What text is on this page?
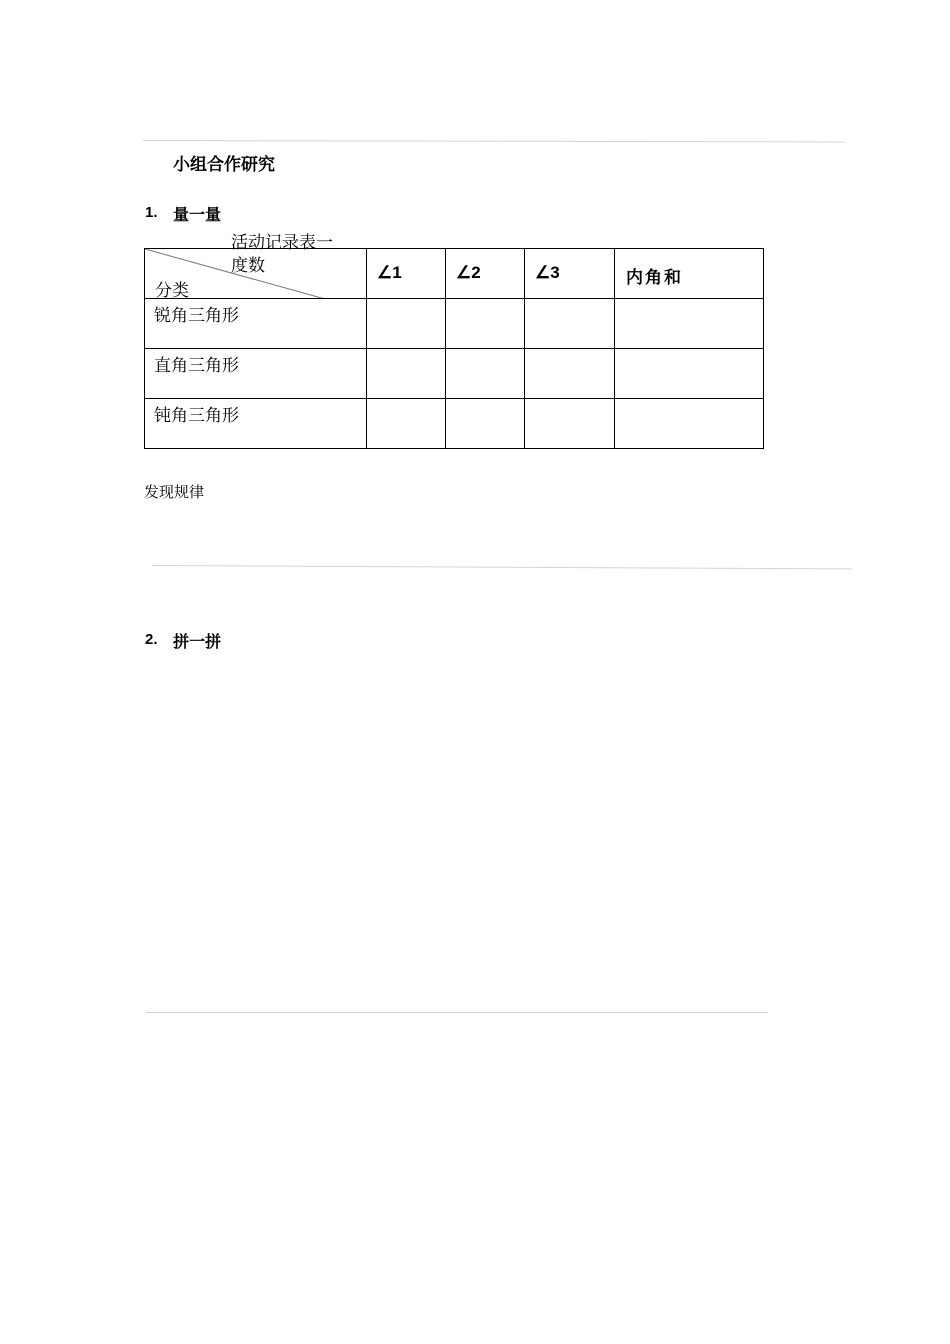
小组合作研究
1. 量一量
活动记录表一
度数
分类	∠1	∠2	∠3	内角和

锐角三角形				

直角三角形				

钝角三角形				

发现规律
2. 拼一拼
